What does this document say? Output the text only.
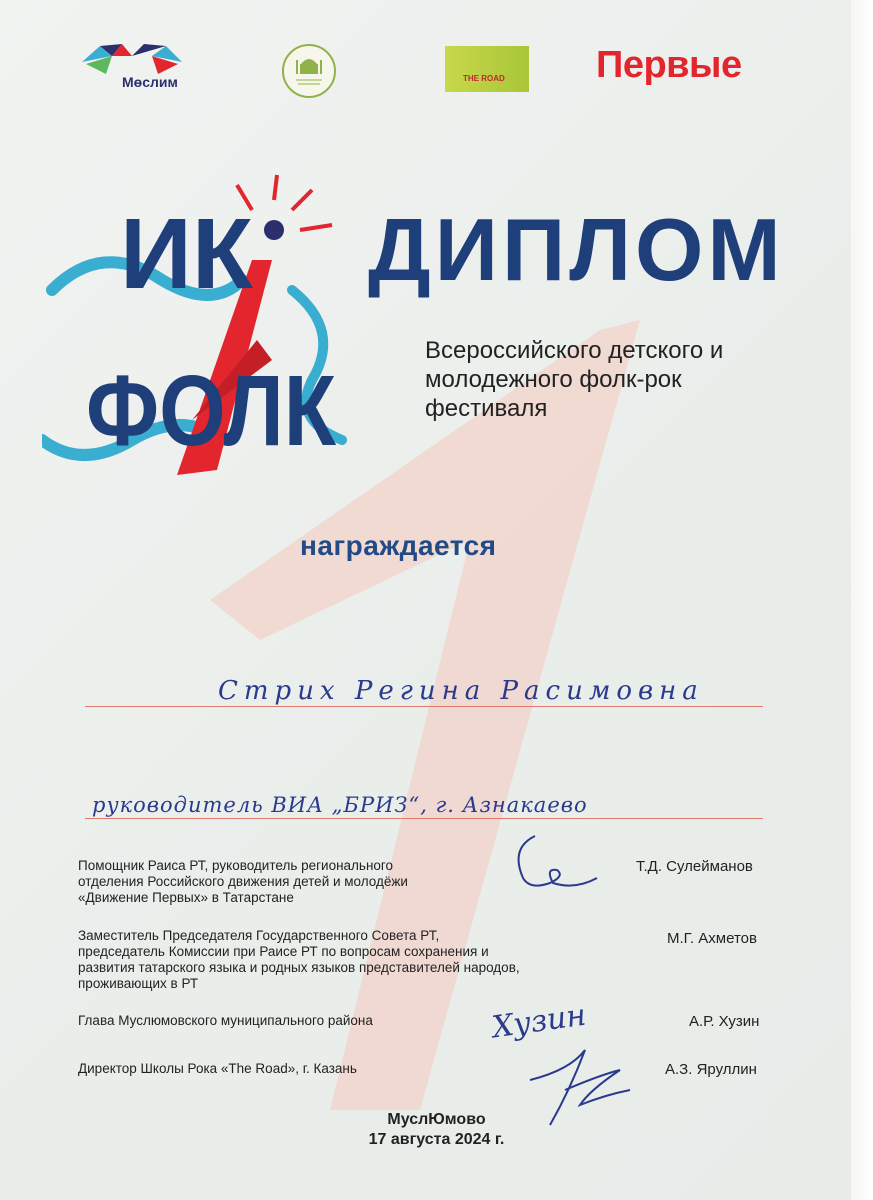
Мөслим	THE ROAD Первые
ИК
ФОЛК
ДИПЛОМ
Всероссийского детского и
молодежного фолк-рок
фестиваля
награждается
Стрих Регина Расимовна
руководитель ВИА „БРИЗ“, г. Азнакаево
Помощник Раиса РТ, руководитель регионального
отделения Российского движения детей и молодёжи
«Движение Первых» в Татарстане
Т.Д. Сулейманов
Заместитель Председателя Государственного Совета РТ,
председатель Комиссии при Раисе РТ по вопросам сохранения и
развития татарского языка и родных языков представителей народов,
проживающих в РТ
М.Г. Ахметов
Глава Муслюмовского муниципального района	А.Р. Хузин
Хузин
Директор Школы Рока «The Road», г. Казань	А.З. Яруллин
МуслЮмово
17 августа 2024 г.
